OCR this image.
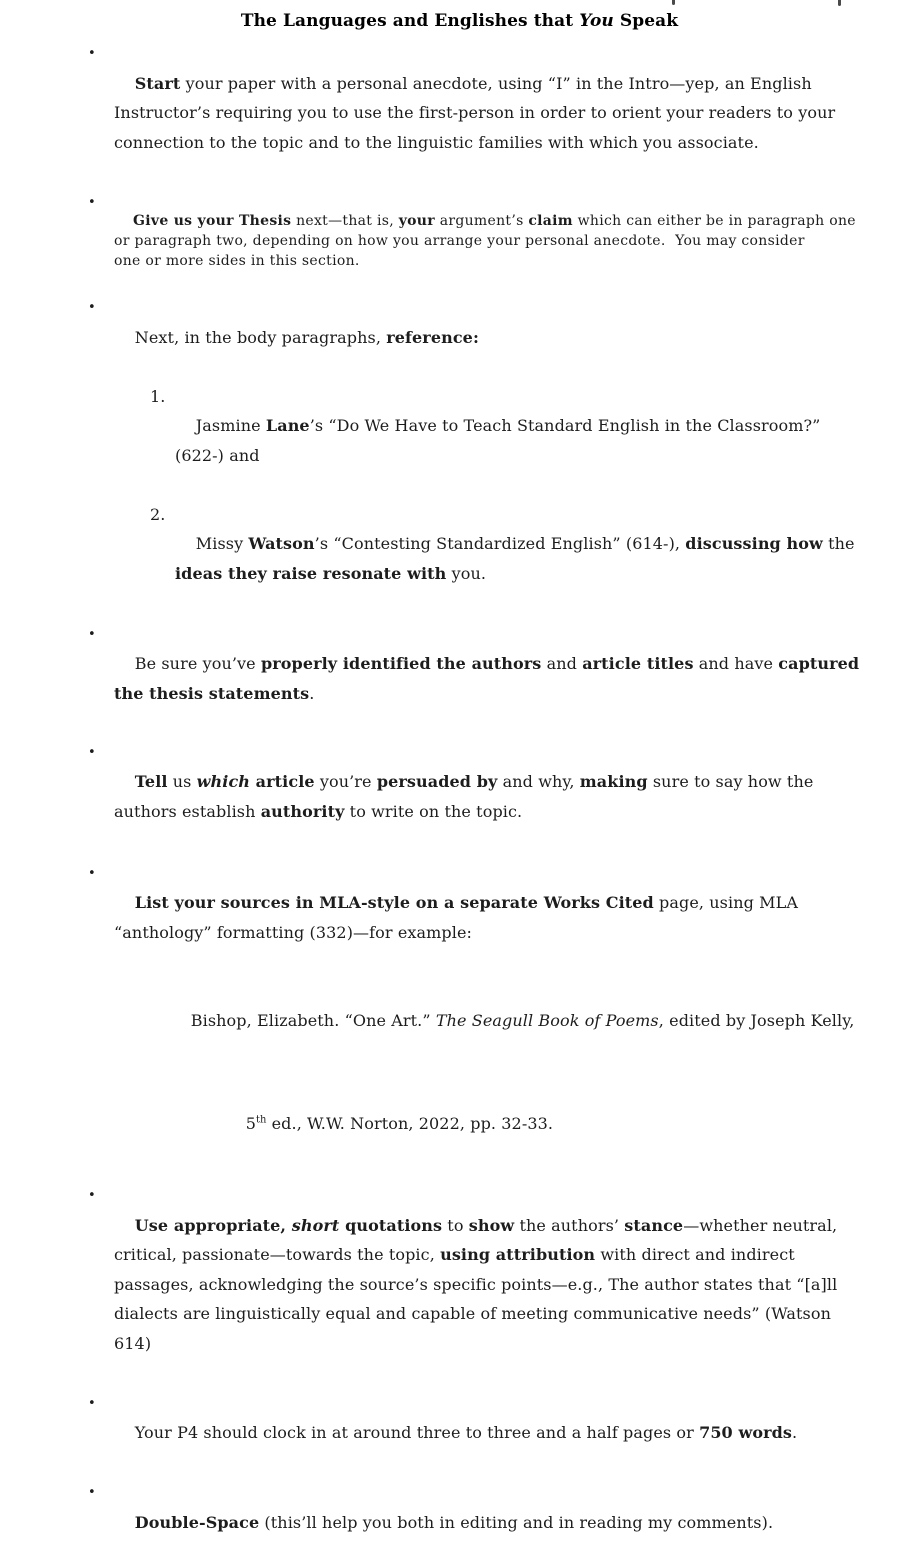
The Languages and Englishes that You Speak

•
Start your paper with a personal anecdote, using “I” in the Intro—yep, an English
Instructor’s requiring you to use the first-person in order to orient your readers to your
connection to the topic and to the linguistic families with which you associate.

•
Give us your Thesis next—that is, your argument’s claim which can either be in paragraph one
or paragraph two, depending on how you arrange your personal anecdote.  You may consider
one or more sides in this section.

•
Next, in the body paragraphs, reference:

1.
Jasmine Lane’s “Do We Have to Teach Standard English in the Classroom?”
(622-) and

2.
Missy Watson’s “Contesting Standardized English” (614-), discussing how the
ideas they raise resonate with you.

•
Be sure you’ve properly identified the authors and article titles and have captured
the thesis statements.

•
Tell us which article you’re persuaded by and why, making sure to say how the
authors establish authority to write on the topic.

•
List your sources in MLA-style on a separate Works Cited page, using MLA
“anthology” formatting (332)—for example:

Bishop, Elizabeth. “One Art.” The Seagull Book of Poems, edited by Joseph Kelly,

5th ed., W.W. Norton, 2022, pp. 32-33.

•
Use appropriate, short quotations to show the authors’ stance—whether neutral,
critical, passionate—towards the topic, using attribution with direct and indirect
passages, acknowledging the source’s specific points—e.g., The author states that “[a]ll
dialects are linguistically equal and capable of meeting communicative needs” (Watson
614)

•
Your P4 should clock in at around three to three and a half pages or 750 words.

•
Double-Space (this’ll help you both in editing and in reading my comments).
